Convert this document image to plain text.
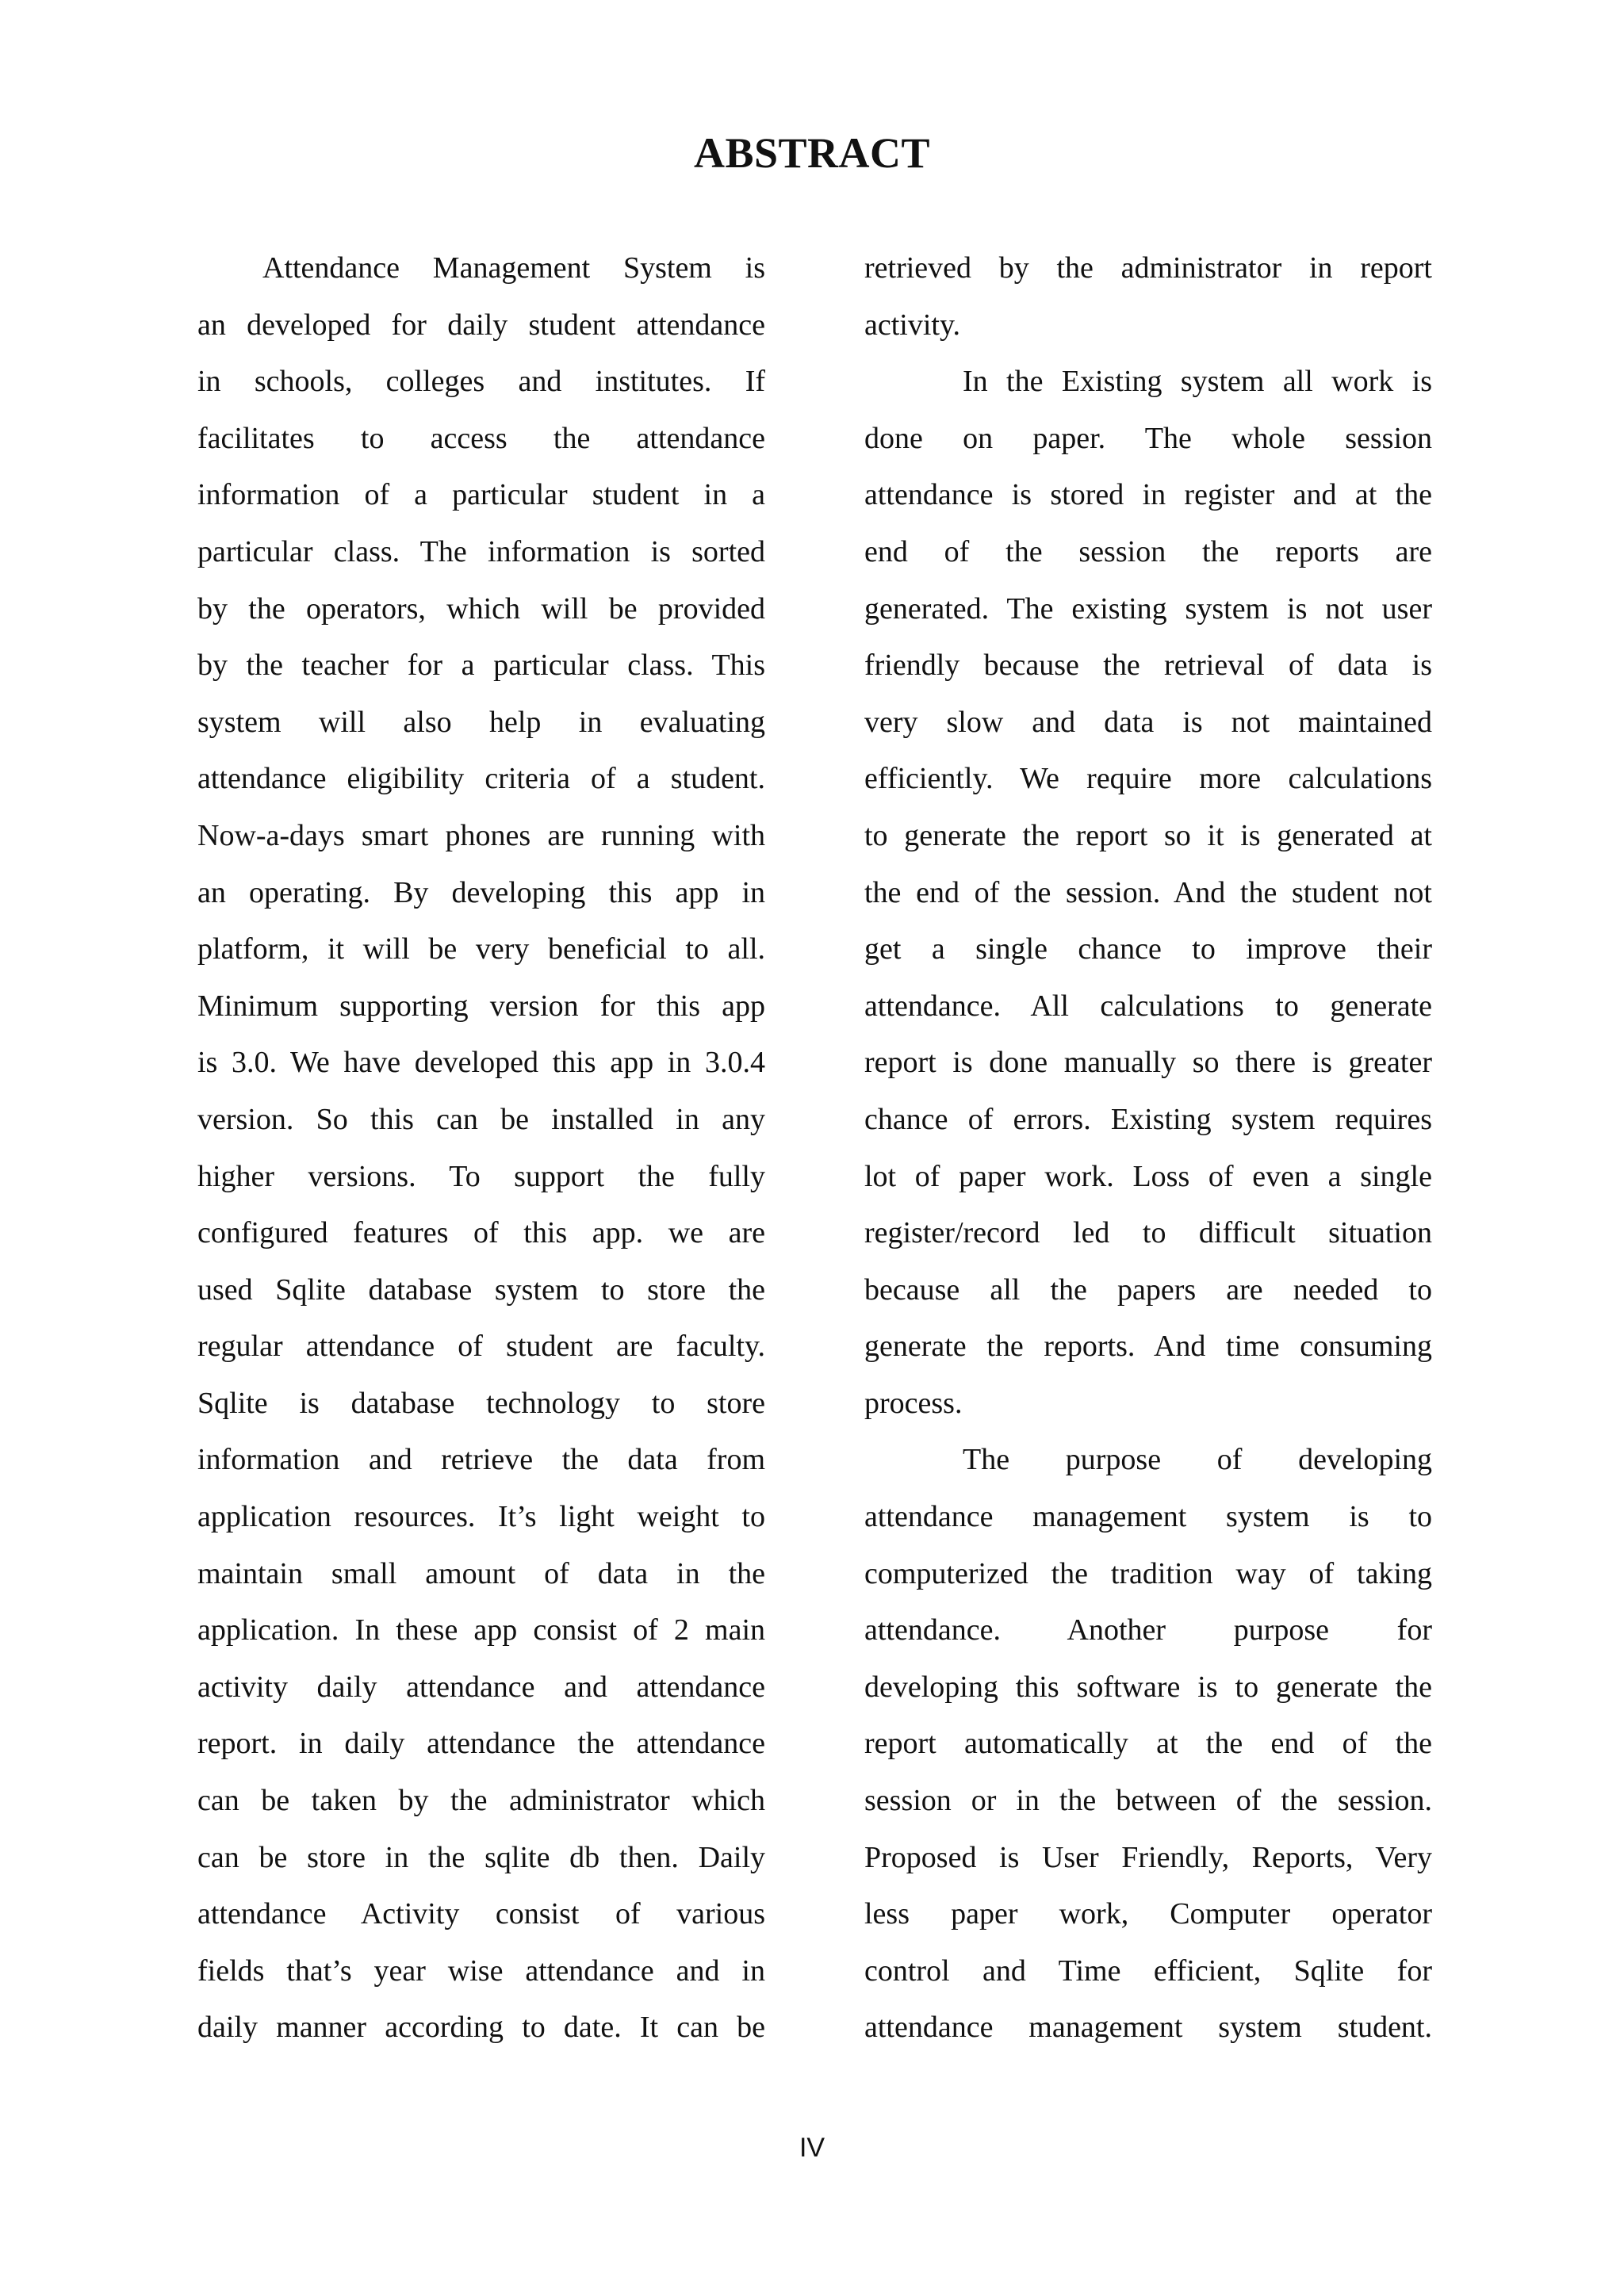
ABSTRACT
Attendance Management System is
an developed for daily student attendance
in schools, colleges and institutes. If
facilitates to access the attendance
information of a particular student in a
particular class. The information is sorted
by the operators, which will be provided
by the teacher for a particular class. This
system will also help in evaluating
attendance eligibility criteria of a student.
Now-a-days smart phones are running with
an operating. By developing this app in
platform, it will be very beneficial to all.
Minimum supporting version for this app
is 3.0. We have developed this app in 3.0.4
version. So this can be installed in any
higher versions. To support the fully
configured features of this app. we are
used Sqlite database system to store the
regular attendance of student are faculty.
Sqlite is database technology to store
information and retrieve the data from
application resources. It’s light weight to
maintain small amount of data in the
application. In these app consist of 2 main
activity daily attendance and attendance
report. in daily attendance the attendance
can be taken by the administrator which
can be store in the sqlite db then. Daily
attendance Activity consist of various
fields that’s year wise attendance and in
daily manner according to date. It can be
retrieved by the administrator in report
activity.
In the Existing system all work is
done on paper. The whole session
attendance is stored in register and at the
end of the session the reports are
generated. The existing system is not user
friendly because the retrieval of data is
very slow and data is not maintained
efficiently. We require more calculations
to generate the report so it is generated at
the end of the session. And the student not
get a single chance to improve their
attendance. All calculations to generate
report is done manually so there is greater
chance of errors. Existing system requires
lot of paper work. Loss of even a single
register/record led to difficult situation
because all the papers are needed to
generate the reports. And time consuming
process.
The purpose of developing
attendance management system is to
computerized the tradition way of taking
attendance. Another purpose for
developing this software is to generate the
report automatically at the end of the
session or in the between of the session.
Proposed is User Friendly, Reports, Very
less paper work, Computer operator
control and Time efficient, Sqlite for
attendance management system student.
IV
